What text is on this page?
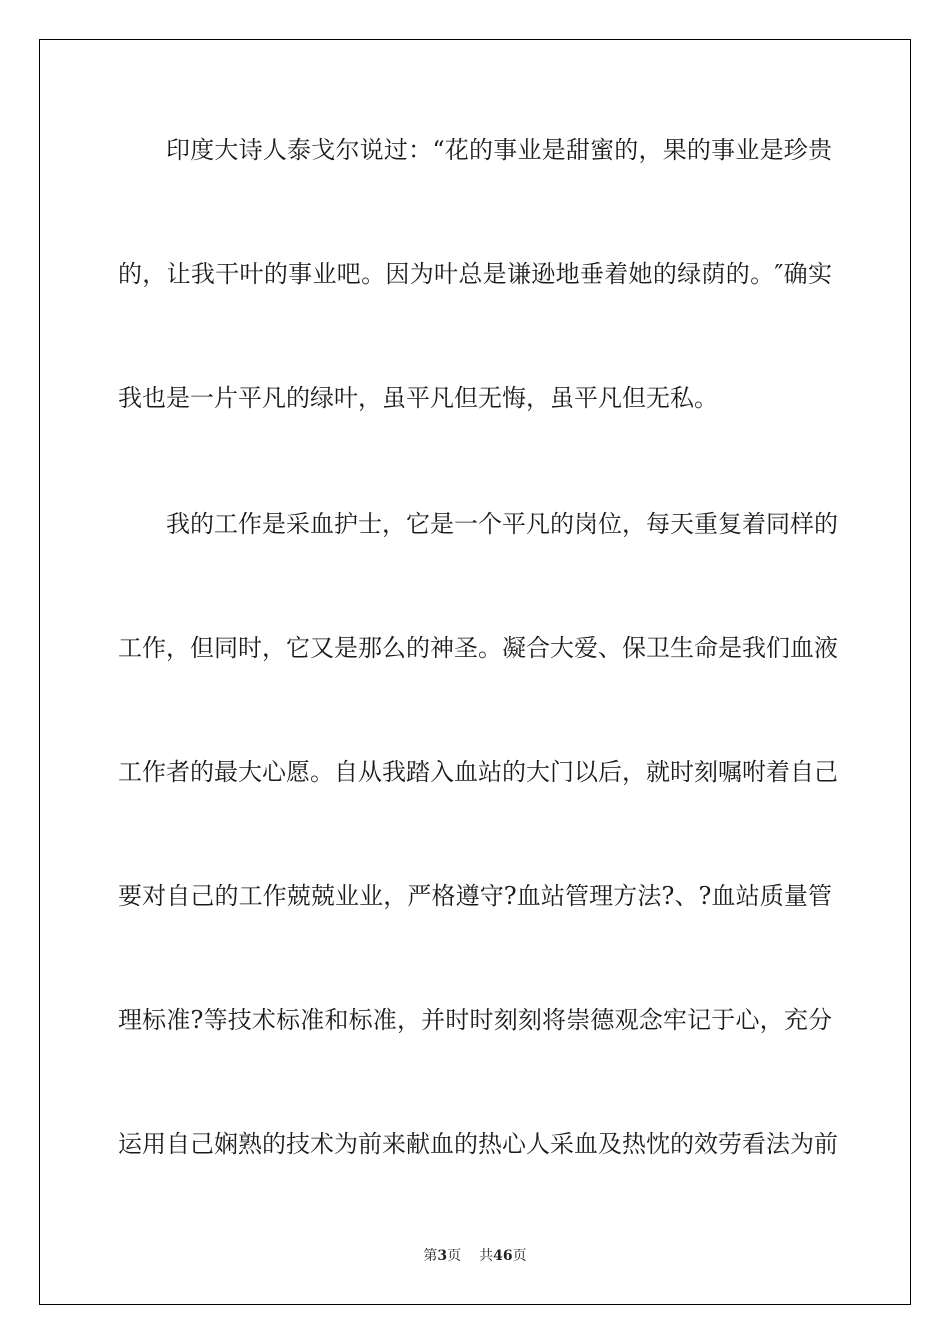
印度大诗人泰戈尔说过：“花的事业是甜蜜的，果的事业是珍贵
的，让我干叶的事业吧。因为叶总是谦逊地垂着她的绿荫的。″确实
我也是一片平凡的绿叶，虽平凡但无悔，虽平凡但无私。
我的工作是采血护士，它是一个平凡的岗位，每天重复着同样的
工作，但同时，它又是那么的神圣。凝合大爱、保卫生命是我们血液
工作者的最大心愿。自从我踏入血站的大门以后，就时刻嘱咐着自己
要对自己的工作兢兢业业，严格遵守?血站管理方法?、?血站质量管
理标准?等技术标准和标准，并时时刻刻将崇德观念牢记于心，充分
运用自己娴熟的技术为前来献血的热心人采血及热忱的效劳看法为前
第3页 共46页
